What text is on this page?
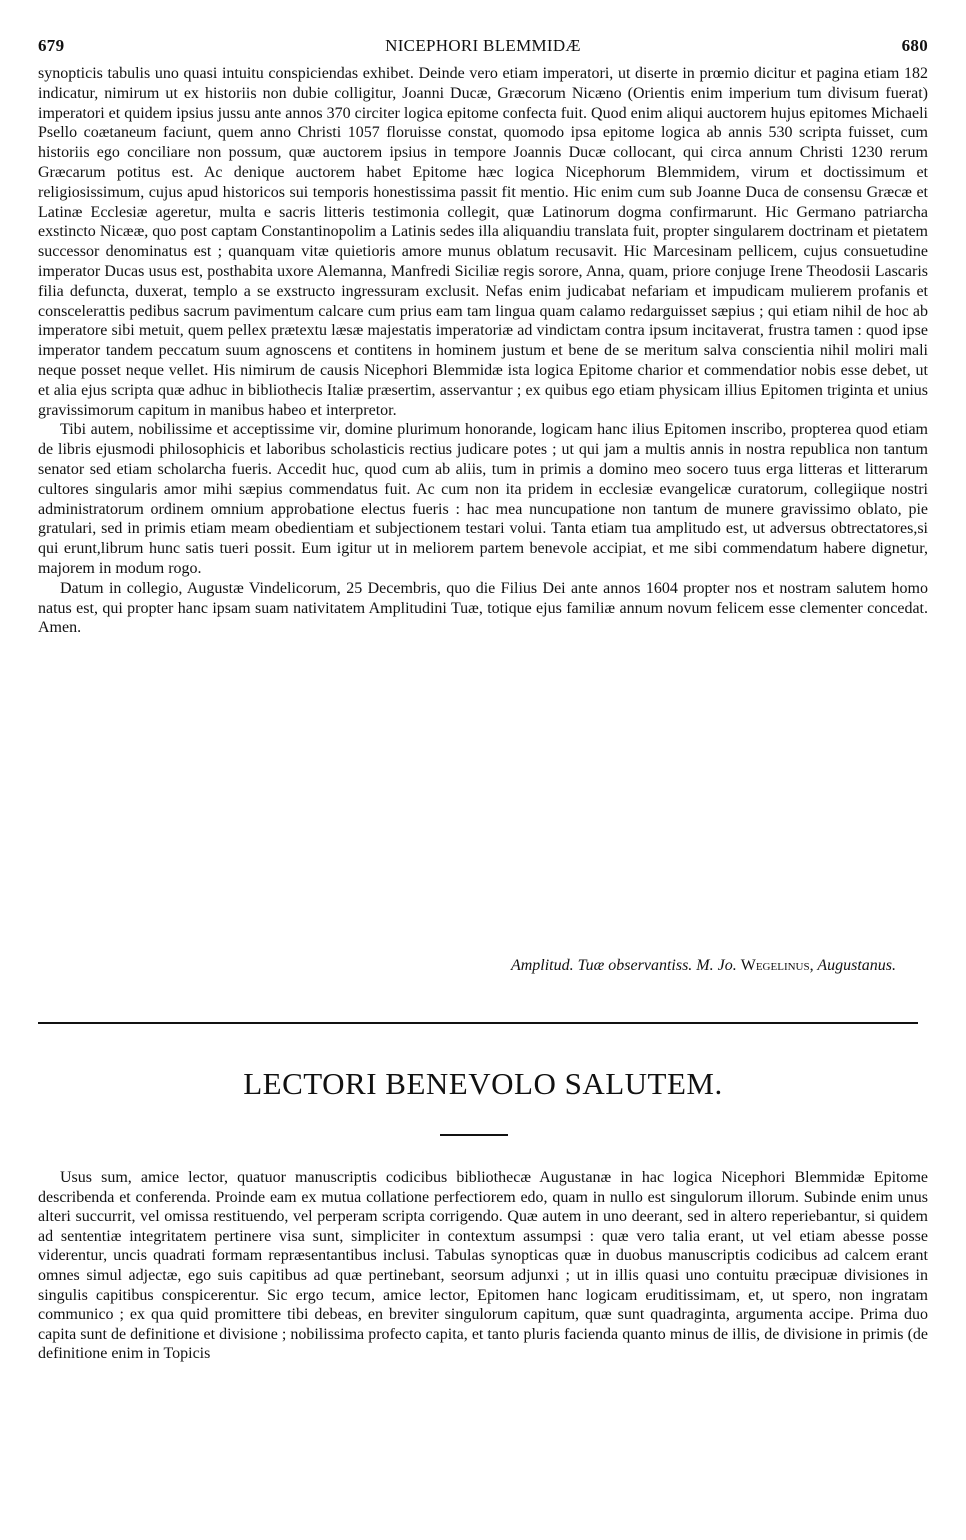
679	NICEPHORI BLEMMIDÆ	680

synopticis tabulis uno quasi intuitu conspiciendas exhibet. Deinde vero etiam imperatori, ut diserte in prœmio dicitur et pagina etiam 182 indicatur, nimirum ut ex historiis non dubie colligitur, Joanni Ducæ, Græcorum Nicæno (Orientis enim imperium tum divisum fuerat) imperatori et quidem ipsius jussu ante annos 370 circiter logica epitome confecta fuit. Quod enim aliqui auctorem hujus epitomes Michaeli Psello coætaneum faciunt, quem anno Christi 1057 floruisse constat, quomodo ipsa epitome logica ab annis 530 scripta fuisset, cum historiis ego conciliare non possum, quæ auctorem ipsius in tempore Joannis Ducæ collocant, qui circa annum Christi 1230 rerum Græcarum potitus est. Ac denique auctorem habet Epitome hæc logica Nicephorum Blemmidem, virum et doctissimum et religiosissimum, cujus apud historicos sui temporis honestissima passit fit mentio. Hic enim cum sub Joanne Duca de consensu Græcæ et Latinæ Ecclesiæ ageretur, multa e sacris litteris testimonia collegit, quæ Latinorum dogma confirmarunt. Hic Germano patriarcha exstincto Nicææ, quo post captam Constantinopolim a Latinis sedes illa aliquandiu translata fuit, propter singularem doctrinam et pietatem successor denominatus est ; quanquam vitæ quietioris amore munus oblatum recusavit. Hic Marcesinam pellicem, cujus consuetudine imperator Ducas usus est, posthabita uxore Alemanna, Manfredi Siciliæ regis sorore, Anna, quam, priore conjuge Irene Theodosii Lascaris filia defuncta, duxerat, templo a se exstructo ingressuram exclusit. Nefas enim judicabat nefariam et impudicam mulierem profanis et conscelerattis pedibus sacrum pavimentum calcare cum prius eam tam lingua quam calamo redarguisset sæpius ; qui etiam nihil de hoc ab imperatore sibi metuit, quem pellex prætextu læsæ majestatis imperatoriæ ad vindictam contra ipsum incitaverat, frustra tamen : quod ipse imperator tandem peccatum suum agnoscens et contitens in hominem justum et bene de se meritum salva conscientia nihil moliri mali neque posset neque vellet. His nimirum de causis Nicephori Blemmidæ ista logica Epitome charior et commendatior nobis esse debet, ut et alia ejus scripta quæ adhuc in bibliothecis Italiæ præsertim, asservantur ; ex quibus ego etiam physicam illius Epitomen triginta et unius gravissimorum capitum in manibus habeo et interpretor.

Tibi autem, nobilissime et acceptissime vir, domine plurimum honorande, logicam hanc ilius Epitomen inscribo, propterea quod etiam de libris ejusmodi philosophicis et laboribus scholasticis rectius judicare potes ; ut qui jam a multis annis in nostra republica non tantum senator sed etiam scholarcha fueris. Accedit huc, quod cum ab aliis, tum in primis a domino meo socero tuus erga litteras et litterarum cultores singularis amor mihi sæpius commendatus fuit. Ac cum non ita pridem in ecclesiæ evangelicæ curatorum, collegiique nostri administratorum ordinem omnium approbatione electus fueris : hac mea nuncupatione non tantum de munere gravissimo oblato, pie gratulari, sed in primis etiam meam obedientiam et subjectionem testari volui. Tanta etiam tua amplitudo est, ut adversus obtrectatores,si qui erunt,librum hunc satis tueri possit. Eum igitur ut in meliorem partem benevole accipiat, et me sibi commendatum habere dignetur, majorem in modum rogo.

Datum in collegio, Augustæ Vindelicorum, 25 Decembris, quo die Filius Dei ante annos 1604 propter nos et nostram salutem homo natus est, qui propter hanc ipsam suam nativitatem Amplitudini Tuæ, totique ejus familiæ annum novum felicem esse clementer concedat. Amen.

Amplitud. Tuæ observantiss. M. Jo. Wegelinus, Augustanus.
LECTORI BENEVOLO SALUTEM.

Usus sum, amice lector, quatuor manuscriptis codicibus bibliothecæ Augustanæ in hac logica Nicephori Blemmidæ Epitome describenda et conferenda. Proinde eam ex mutua collatione perfectiorem edo, quam in nullo est singulorum illorum. Subinde enim unus alteri succurrit, vel omissa restituendo, vel perperam scripta corrigendo. Quæ autem in uno deerant, sed in altero reperiebantur, si quidem ad sententiæ integritatem pertinere visa sunt, simpliciter in contextum assumpsi : quæ vero talia erant, ut vel etiam abesse posse viderentur, uncis quadrati formam repræsentantibus inclusi. Tabulas synopticas quæ in duobus manuscriptis codicibus ad calcem erant omnes simul adjectæ, ego suis capitibus ad quæ pertinebant, seorsum adjunxi ; ut in illis quasi uno contuitu præcipuæ divisiones in singulis capitibus conspicerentur. Sic ergo tecum, amice lector, Epitomen hanc logicam eruditissimam, et, ut spero, non ingratam communico ; ex qua quid promittere tibi debeas, en breviter singulorum capitum, quæ sunt quadraginta, argumenta accipe. Prima duo capita sunt de definitione et divisione ; nobilissima profecto capita, et tanto pluris facienda quanto minus de illis, de divisione in primis (de definitione enim in Topicis
